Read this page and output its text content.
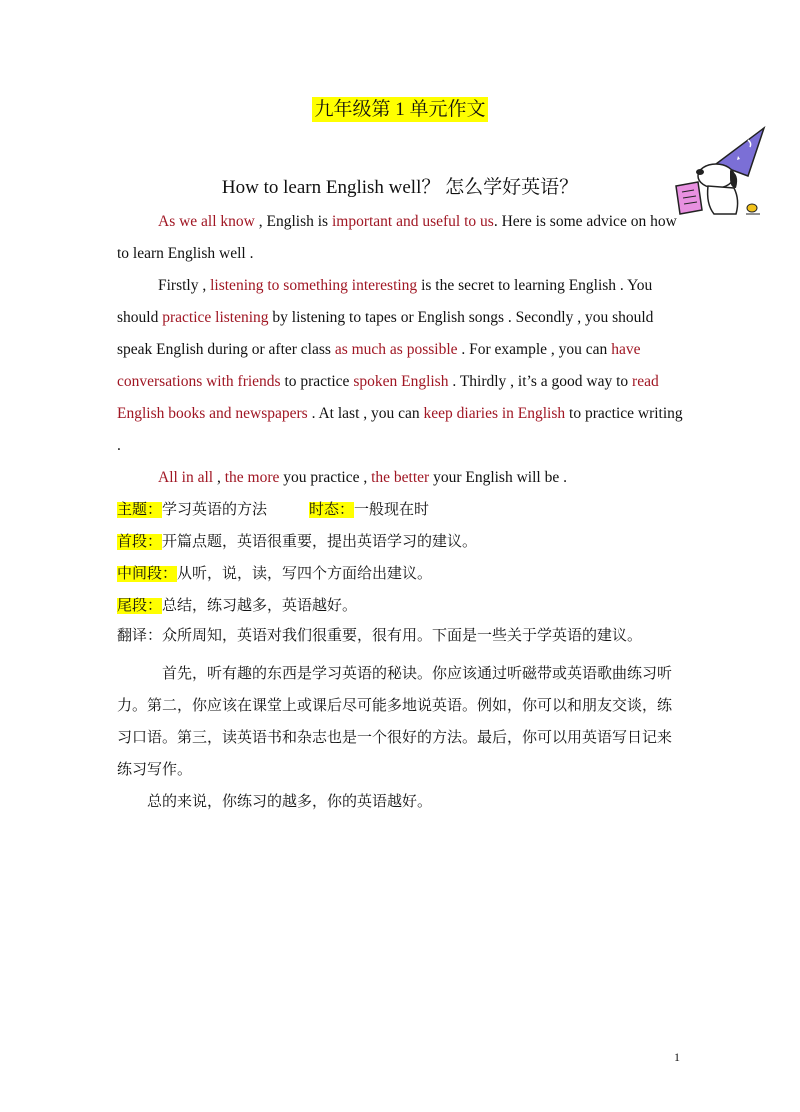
九年级第 1 单元作文
How to learn English well？ 怎么学好英语？

As we all know , English is important and useful to us. Here is some advice on how to learn English well .

Firstly , listening to something interesting is the secret to learning English . You should practice listening by listening to tapes or English songs . Secondly , you should speak English during or after class as much as possible . For example , you can have conversations with friends to practice spoken English . Thirdly , it’s a good way to read English books and newspapers . At last , you can keep diaries in English to practice writing .

All in all , the more you practice , the better your English will be .

主题：学习英语的方法	时态：一般现在时

首段：开篇点题，英语很重要，提出英语学习的建议。

中间段：从听，说，读，写四个方面给出建议。

尾段：总结，练习越多，英语越好。

翻译：众所周知，英语对我们很重要，很有用。下面是一些关于学英语的建议。

首先，听有趣的东西是学习英语的秘诀。你应该通过听磁带或英语歌曲练习听力。第二，你应该在课堂上或课后尽可能多地说英语。例如，你可以和朋友交谈，练习口语。第三，读英语书和杂志也是一个很好的方法。最后，你可以用英语写日记来练习写作。

总的来说，你练习的越多，你的英语越好。

1
